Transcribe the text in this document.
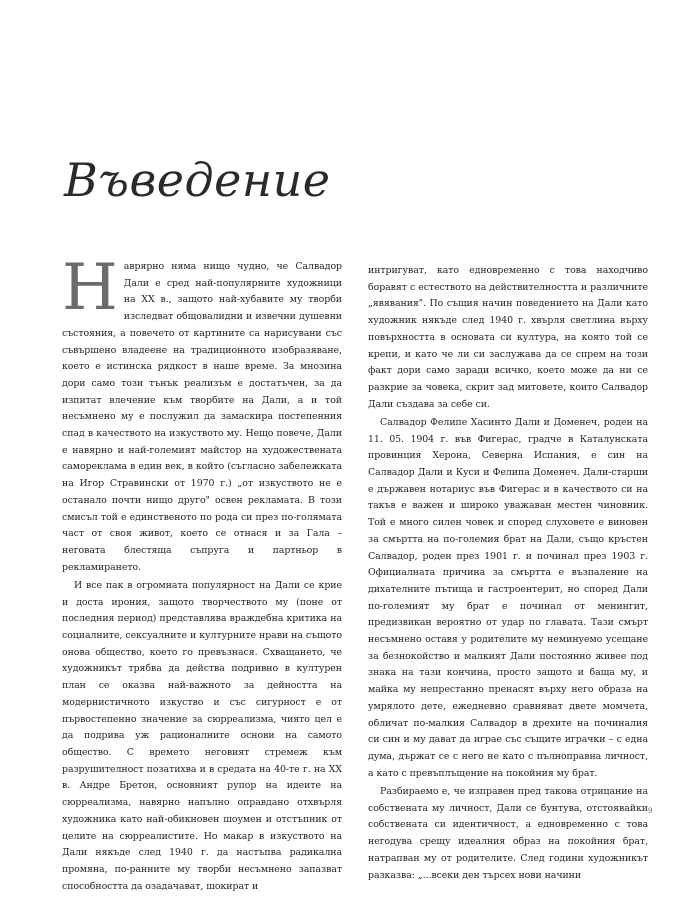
Въведение

Наврярно няма нищо чудно, че Салвадор Дали е сред най-популярните художници на XX в., защото най-хубавите му творби изследват общовалидни и извечни душевни състояния, а повечето от картините са нарисувани със съвършено владеене на традиционното изобразяване, което е истинска рядкост в наше време. За мнозина дори само този тънък реализъм е достатъчен, за да изпитат влечение към творбите на Дали, а и той несъмнено му е послужил да замаскира постепенния спад в качеството на изкуството му. Нещо повече, Дали е навярно и най-големият майстор на художествената самореклама в един век, в който (съгласно забележката на Игор Стравински от 1970 г.) „от изкуството не е останало почти нищо друго" освен рекламата. В този смисъл той е единственото по рода си през по-голямата част от своя живот, което се отнася и за Гала – неговата блестяща съпруга и партньор в рекламирането.

И все пак в огромната популярност на Дали се крие и доста ирония, защото творчеството му (поне от последния период) представлява враждебна критика на социалните, сексуалните и културните нрави на същото онова общество, което го превъзнася. Схващането, че художникът трябва да действа подривно в културен план се оказва най-важното за дейността на модернистичното изкуство и със сигурност е от първостепенно значение за сюрреализма, чиято цел е да подрива уж рационалните основи на самото общество. С времето неговият стремеж към разрушителност позатихва и в средата на 40-те г. на XX в. Андре Бретон, основният рупор на идеите на сюрреализма, навярно напълно оправдано отхвърля художника като най-обикновен шоумен и отстъпник от целите на сюрреалистите. Но макар в изкуството на Дали някъде след 1940 г. да настъпва радикална промяна, по-ранните му творби несъмнено запазват способността да озадачават, шокират и

интригуват, като едновременно с това находчиво боравят с естеството на действителността и различните „явявания". По същия начин поведението на Дали като художник някъде след 1940 г. хвърля светлина върху повърхността в основата си култура, на която той се крепи, и като че ли си заслужава да се спрем на този факт дори само заради всичко, което може да ни се разкрие за човека, скрит зад митовете, които Салвадор Дали създава за себе си.

Салвадор Фелипе Хасинто Дали и Доменеч, роден на 11. 05. 1904 г. във Фигерас, градче в Каталунската провинция Херона, Северна Испания, е син на Салвадор Дали и Куси и Фелипа Доменеч. Дали-старши е държавен нотариус във Фигерас и в качеството си на такъв е важен и широко уважаван местен чиновник. Той е много силен човек и според слуховете е виновен за смъртта на по-големия брат на Дали, също кръстен Салвадор, роден през 1901 г. и починал през 1903 г. Официалната причина за смъртта е възпаление на дихателните пътища и гастроентерит, но според Дали по-големият му брат е починал от менингит, предизвикан вероятно от удар по главата. Тази смърт несъмнено оставя у родителите му неминуемо усещане за безнокойство и малкият Дали постоянно живее под знака на тази кончина, просто защото и баща му, и майка му непрестанно пренасят върху него образа на умрялото дете, ежедневно сравняват двете момчета, обличат по-малкия Салвадор в дрехите на починалия си син и му дават да играе със същите играчки – с една дума, държат се с него не като с пълноправна личност, а като с превъплъщение на покойния му брат.

Разбираемо е, че изправен пред такова отрицание на собствената му личност, Дали се бунтува, отстоявайки собствената си идентичност, а едновременно с това негодува срещу идеалния образ на покойния брат, натрапван му от родителите. След години художникът разказва: „...всеки ден търсех нови начини

9
